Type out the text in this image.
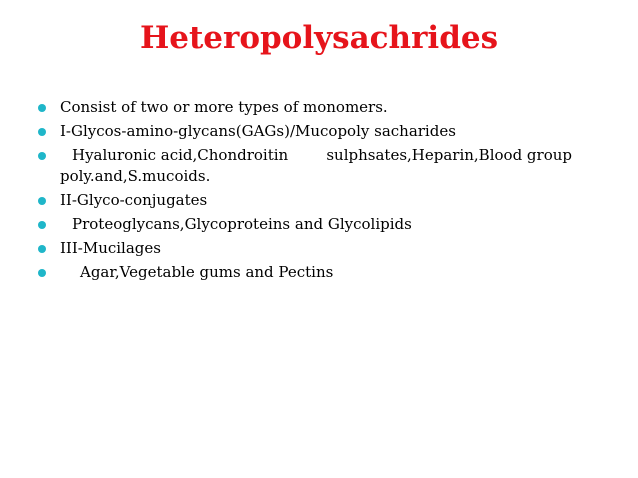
Heteropolysachrides
Consist of two or more types of monomers.
I-Glycos-amino-glycans(GAGs)/Mucopoly sacharides
Hyaluronic acid,Chondroitin        sulphsates,Heparin,Blood group
poly.and,S.mucoids.
II-Glyco-conjugates
Proteoglycans,Glycoproteins and Glycolipids
III-Mucilages
Agar,Vegetable gums and Pectins
